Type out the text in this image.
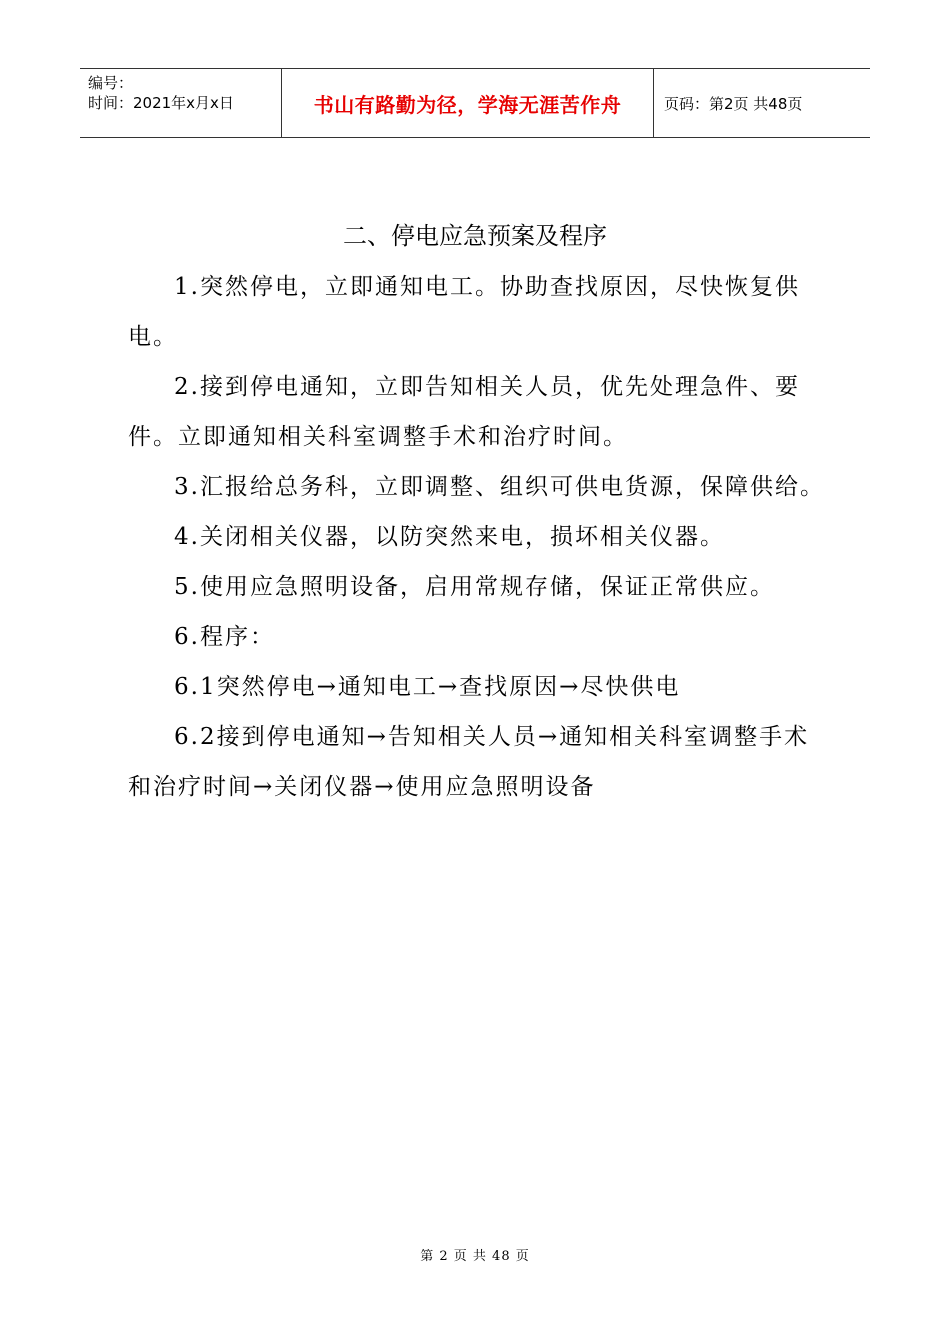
编号：
时间：2021年x月x日	书山有路勤为径，学海无涯苦作舟	页码：第2页 共48页
二、停电应急预案及程序

1.突然停电，立即通知电工。协助查找原因，尽快恢复供电。

2.接到停电通知，立即告知相关人员，优先处理急件、要件。立即通知相关科室调整手术和治疗时间。

3.汇报给总务科，立即调整、组织可供电货源，保障供给。

4.关闭相关仪器，以防突然来电，损坏相关仪器。

5.使用应急照明设备，启用常规存储，保证正常供应。

6.程序：

6.1突然停电→通知电工→查找原因→尽快供电

6.2接到停电通知→告知相关人员→通知相关科室调整手术和治疗时间→关闭仪器→使用应急照明设备

第 2 页 共 48 页
